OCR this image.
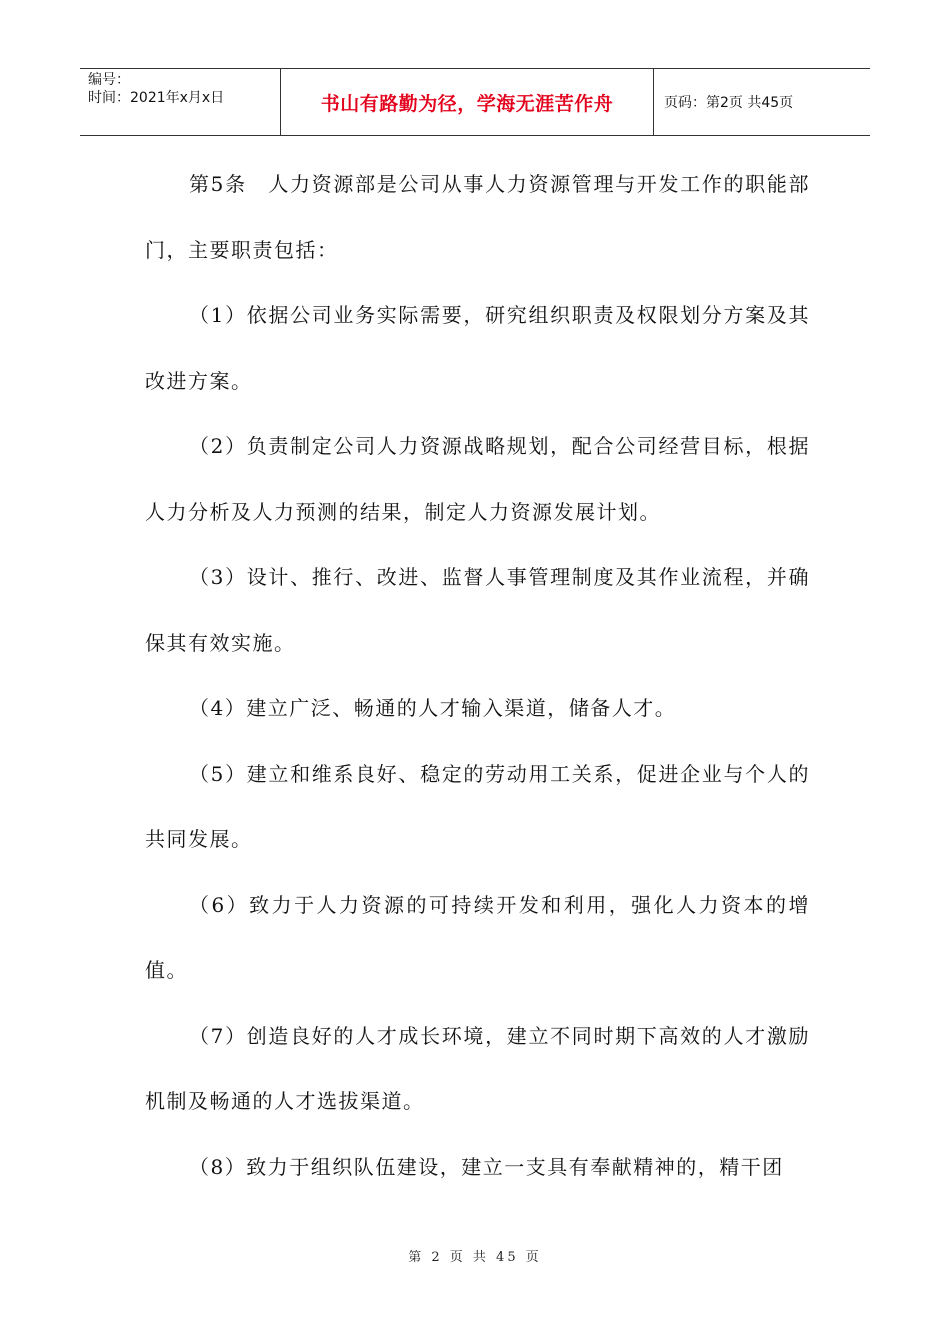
编号：
时间：2021年x月x日	书山有路勤为径，学海无涯苦作舟	页码：第2页 共45页

第5条　人力资源部是公司从事人力资源管理与开发工作的职能部门，主要职责包括：

（1）依据公司业务实际需要，研究组织职责及权限划分方案及其改进方案。

（2）负责制定公司人力资源战略规划，配合公司经营目标，根据人力分析及人力预测的结果，制定人力资源发展计划。

（3）设计、推行、改进、监督人事管理制度及其作业流程，并确保其有效实施。

（4）建立广泛、畅通的人才输入渠道，储备人才。

（5）建立和维系良好、稳定的劳动用工关系，促进企业与个人的共同发展。

（6）致力于人力资源的可持续开发和利用，强化人力资本的增值。

（7）创造良好的人才成长环境，建立不同时期下高效的人才激励机制及畅通的人才选拔渠道。

（8）致力于组织队伍建设，建立一支具有奉献精神的，精干团

第 2 页 共 45 页
